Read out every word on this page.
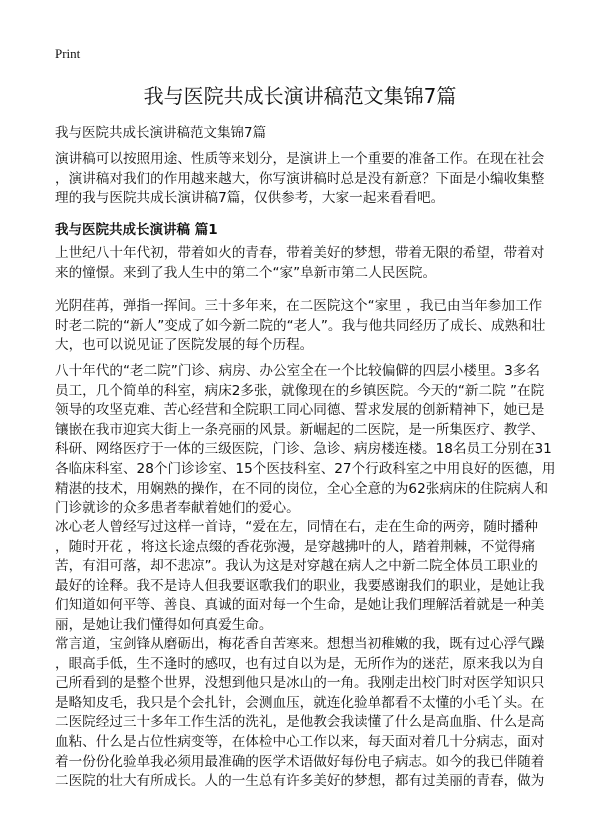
Print
我与医院共成长演讲稿范文集锦7篇
我与医院共成长演讲稿范文集锦7篇
演讲稿可以按照用途、性质等来划分，是演讲上一个重要的准备工作。在现在社会
，演讲稿对我们的作用越来越大，你写演讲稿时总是没有新意？下面是小编收集整
理的我与医院共成长演讲稿7篇，仅供参考，大家一起来看看吧。
我与医院共成长演讲稿 篇1
上世纪八十年代初，带着如火的青春，带着美好的梦想，带着无限的希望，带着对
来的憧憬。来到了我人生中的第二个“家”阜新市第二人民医院。
光阴荏苒，弹指一挥间。三十多年来，在二医院这个“家里 ，我已由当年参加工作
时老二院的“新人”变成了如今新二院的“老人”。我与他共同经历了成长、成熟和壮
大，也可以说见证了医院发展的每个历程。
八十年代的“老二院”门诊、病房、办公室全在一个比较偏僻的四层小楼里。3多名
员工，几个简单的科室，病床2多张，就像现在的乡镇医院。今天的“新二院 ”在院
领导的攻坚克难、苦心经营和全院职工同心同德、誓求发展的创新精神下，她已是
镶嵌在我市迎宾大街上一条亮丽的风景。新崛起的二医院，是一所集医疗、教学、
科研、网络医疗于一体的三级医院，门诊、急诊、病房楼连楼。18名员工分别在31
各临床科室、28个门诊诊室、15个医技科室、27个行政科室之中用良好的医德，用
精湛的技术，用娴熟的操作，在不同的岗位，全心全意的为62张病床的住院病人和
门诊就诊的众多患者奉献着她们的爱心。
冰心老人曾经写过这样一首诗，“爱在左，同情在右，走在生命的两旁，随时播种
，随时开花 ，将这长途点缀的香花弥漫，是穿越拂叶的人，踏着荆棘，不觉得痛
苦，有泪可落，却不悲凉”。我认为这是对穿越在病人之中新二院全体员工职业的
最好的诠释。我不是诗人但我要讴歌我们的职业，我要感谢我们的职业，是她让我
们知道如何平等、善良、真诚的面对每一个生命，是她让我们理解活着就是一种美
丽，是她让我们懂得如何真爱生命。
常言道，宝剑锋从磨砺出，梅花香自苦寒来。想想当初稚嫩的我，既有过心浮气躁
，眼高手低，生不逢时的感叹，也有过自以为是，无所作为的迷茫，原来我以为自
己所看到的是整个世界，没想到他只是冰山的一角。我刚走出校门时对医学知识只
是略知皮毛，我只是个会扎针，会测血压，就连化验单都看不太懂的小毛丫头。在
二医院经过三十多年工作生活的洗礼，是他教会我读懂了什么是高血脂、什么是高
血粘、什么是占位性病变等，在体检中心工作以来，每天面对着几十分病志，面对
着一份份化验单我必须用最准确的医学术语做好每份电子病志。如今的我已伴随着
二医院的壮大有所成长。人的一生总有许多美好的梦想，都有过美丽的青春，做为
